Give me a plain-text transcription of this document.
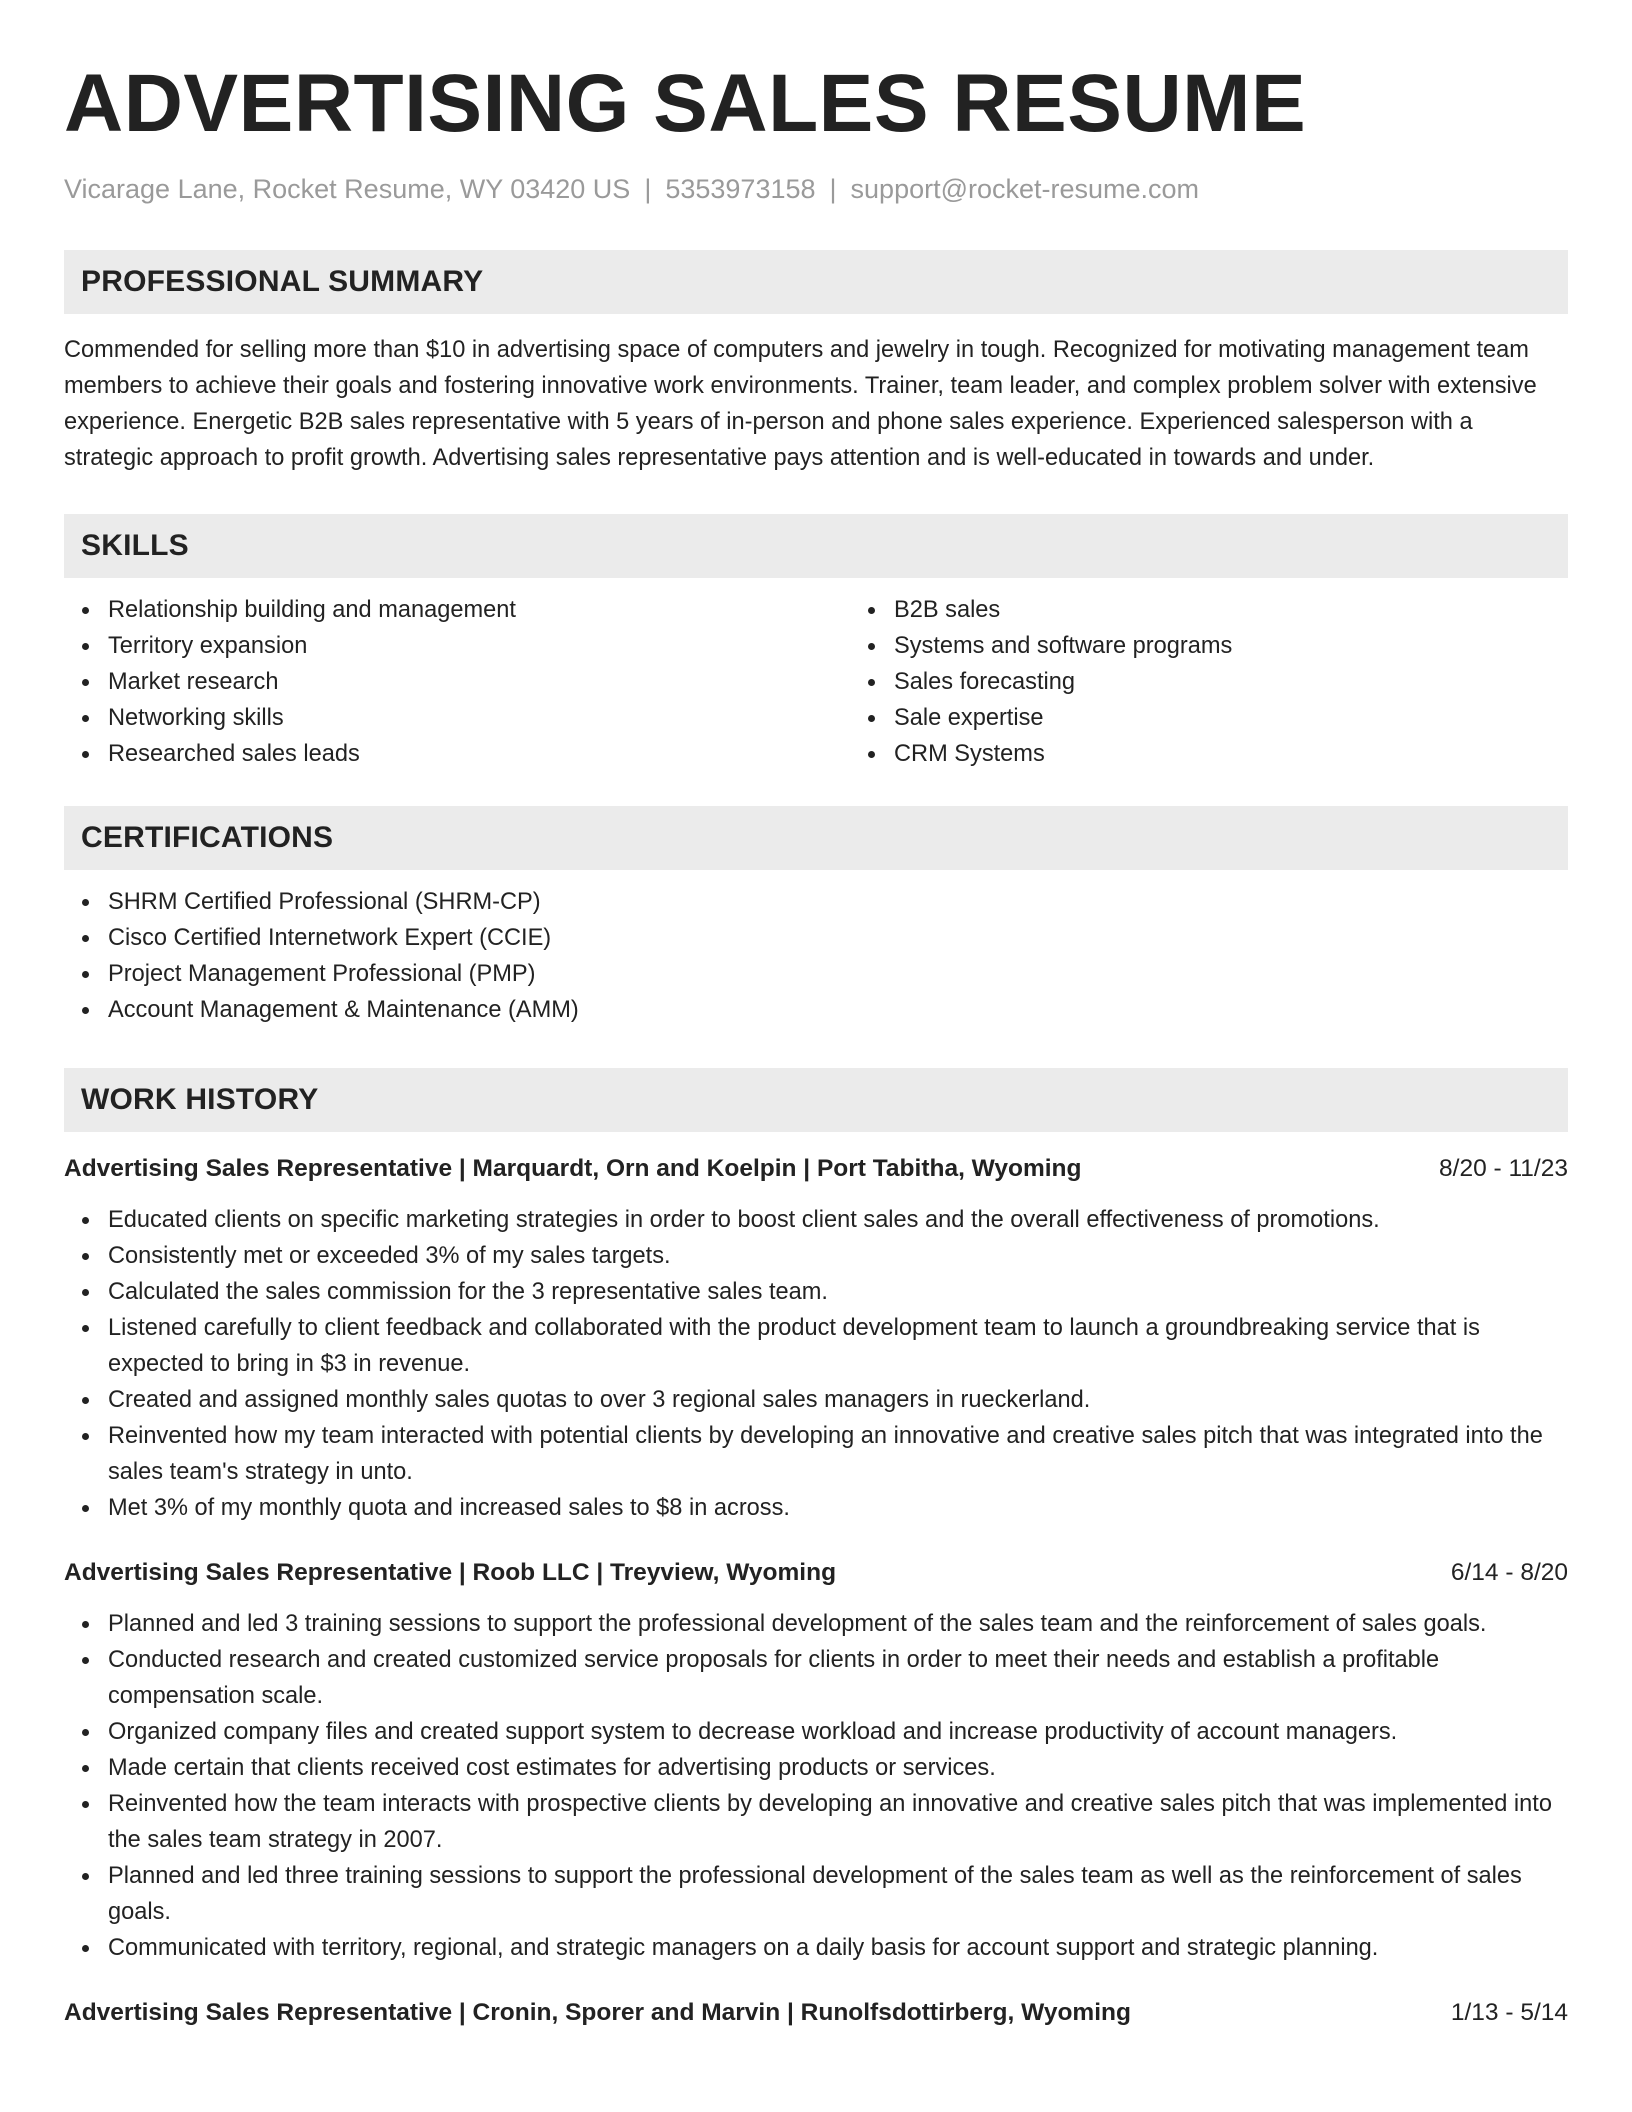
ADVERTISING SALES RESUME
Vicarage Lane, Rocket Resume, WY 03420 US | 5353973158 | support@rocket-resume.com
PROFESSIONAL SUMMARY
Commended for selling more than $10 in advertising space of computers and jewelry in tough. Recognized for motivating management team members to achieve their goals and fostering innovative work environments. Trainer, team leader, and complex problem solver with extensive experience. Energetic B2B sales representative with 5 years of in-person and phone sales experience. Experienced salesperson with a strategic approach to profit growth. Advertising sales representative pays attention and is well-educated in towards and under.
SKILLS
Relationship building and management
Territory expansion
Market research
Networking skills
Researched sales leads
B2B sales
Systems and software programs
Sales forecasting
Sale expertise
CRM Systems
CERTIFICATIONS
SHRM Certified Professional (SHRM-CP)
Cisco Certified Internetwork Expert (CCIE)
Project Management Professional (PMP)
Account Management & Maintenance (AMM)
WORK HISTORY
Advertising Sales Representative | Marquardt, Orn and Koelpin | Port Tabitha, Wyoming	8/20 - 11/23
Educated clients on specific marketing strategies in order to boost client sales and the overall effectiveness of promotions.
Consistently met or exceeded 3% of my sales targets.
Calculated the sales commission for the 3 representative sales team.
Listened carefully to client feedback and collaborated with the product development team to launch a groundbreaking service that is expected to bring in $3 in revenue.
Created and assigned monthly sales quotas to over 3 regional sales managers in rueckerland.
Reinvented how my team interacted with potential clients by developing an innovative and creative sales pitch that was integrated into the sales team's strategy in unto.
Met 3% of my monthly quota and increased sales to $8 in across.
Advertising Sales Representative | Roob LLC | Treyview, Wyoming	6/14 - 8/20
Planned and led 3 training sessions to support the professional development of the sales team and the reinforcement of sales goals.
Conducted research and created customized service proposals for clients in order to meet their needs and establish a profitable compensation scale.
Organized company files and created support system to decrease workload and increase productivity of account managers.
Made certain that clients received cost estimates for advertising products or services.
Reinvented how the team interacts with prospective clients by developing an innovative and creative sales pitch that was implemented into the sales team strategy in 2007.
Planned and led three training sessions to support the professional development of the sales team as well as the reinforcement of sales goals.
Communicated with territory, regional, and strategic managers on a daily basis for account support and strategic planning.
Advertising Sales Representative | Cronin, Sporer and Marvin | Runolfsdottirberg, Wyoming	1/13 - 5/14
